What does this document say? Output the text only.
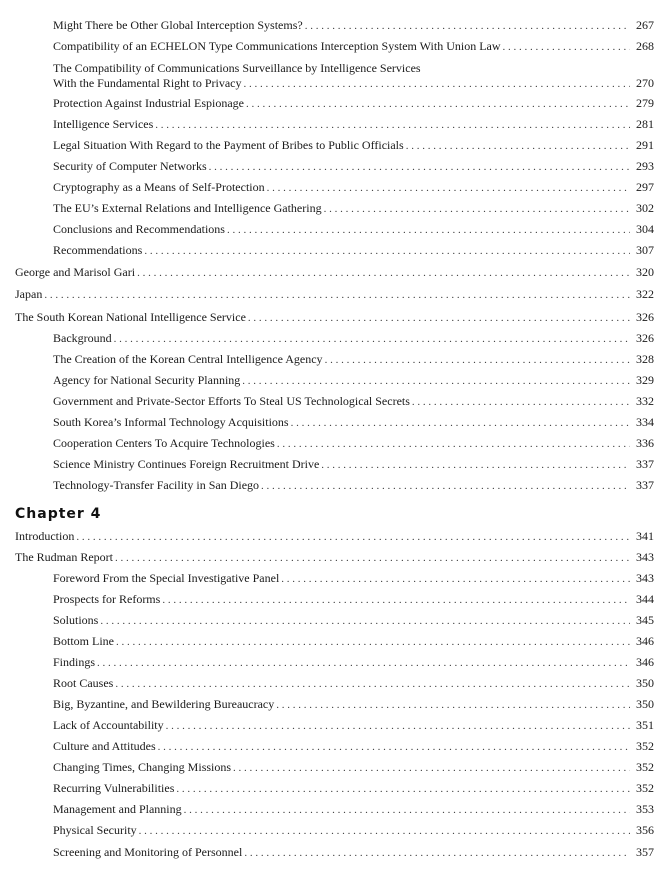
Chapter 4
Might There be Other Global Interception Systems? . . .	267
Compatibility of an ECHELON Type Communications Interception System With Union Law . . .	268
The Compatibility of Communications Surveillance by Intelligence Services
With the Fundamental Right to Privacy . . .	270
Protection Against Industrial Espionage . . .	279
Intelligence Services . . .	281
Legal Situation With Regard to the Payment of Bribes to Public Officials . . .	291
Security of Computer Networks . . .	293
Cryptography as a Means of Self-Protection . . .	297
The EU’s External Relations and Intelligence Gathering . . .	302
Conclusions and Recommendations . . .	304
Recommendations . . .	307
George and Marisol Gari . . .	320
Japan . . .	322
The South Korean National Intelligence Service . . .	326
Background . . .	326
The Creation of the Korean Central Intelligence Agency . . .	328
Agency for National Security Planning . . .	329
Government and Private-Sector Efforts To Steal US Technological Secrets . . .	332
South Korea’s Informal Technology Acquisitions . . .	334
Cooperation Centers To Acquire Technologies . . .	336
Science Ministry Continues Foreign Recruitment Drive . . .	337
Technology-Transfer Facility in San Diego . . .	337
Introduction . . .	341
The Rudman Report . . .	343
Foreword From the Special Investigative Panel . . .	343
Prospects for Reforms . . .	344
Solutions . . .	345
Bottom Line . . .	346
Findings . . .	346
Root Causes . . .	350
Big, Byzantine, and Bewildering Bureaucracy . . .	350
Lack of Accountability . . .	351
Culture and Attitudes . . .	352
Changing Times, Changing Missions . . .	352
Recurring Vulnerabilities . . .	352
Management and Planning . . .	353
Physical Security . . .	356
Screening and Monitoring of Personnel . . .	357
